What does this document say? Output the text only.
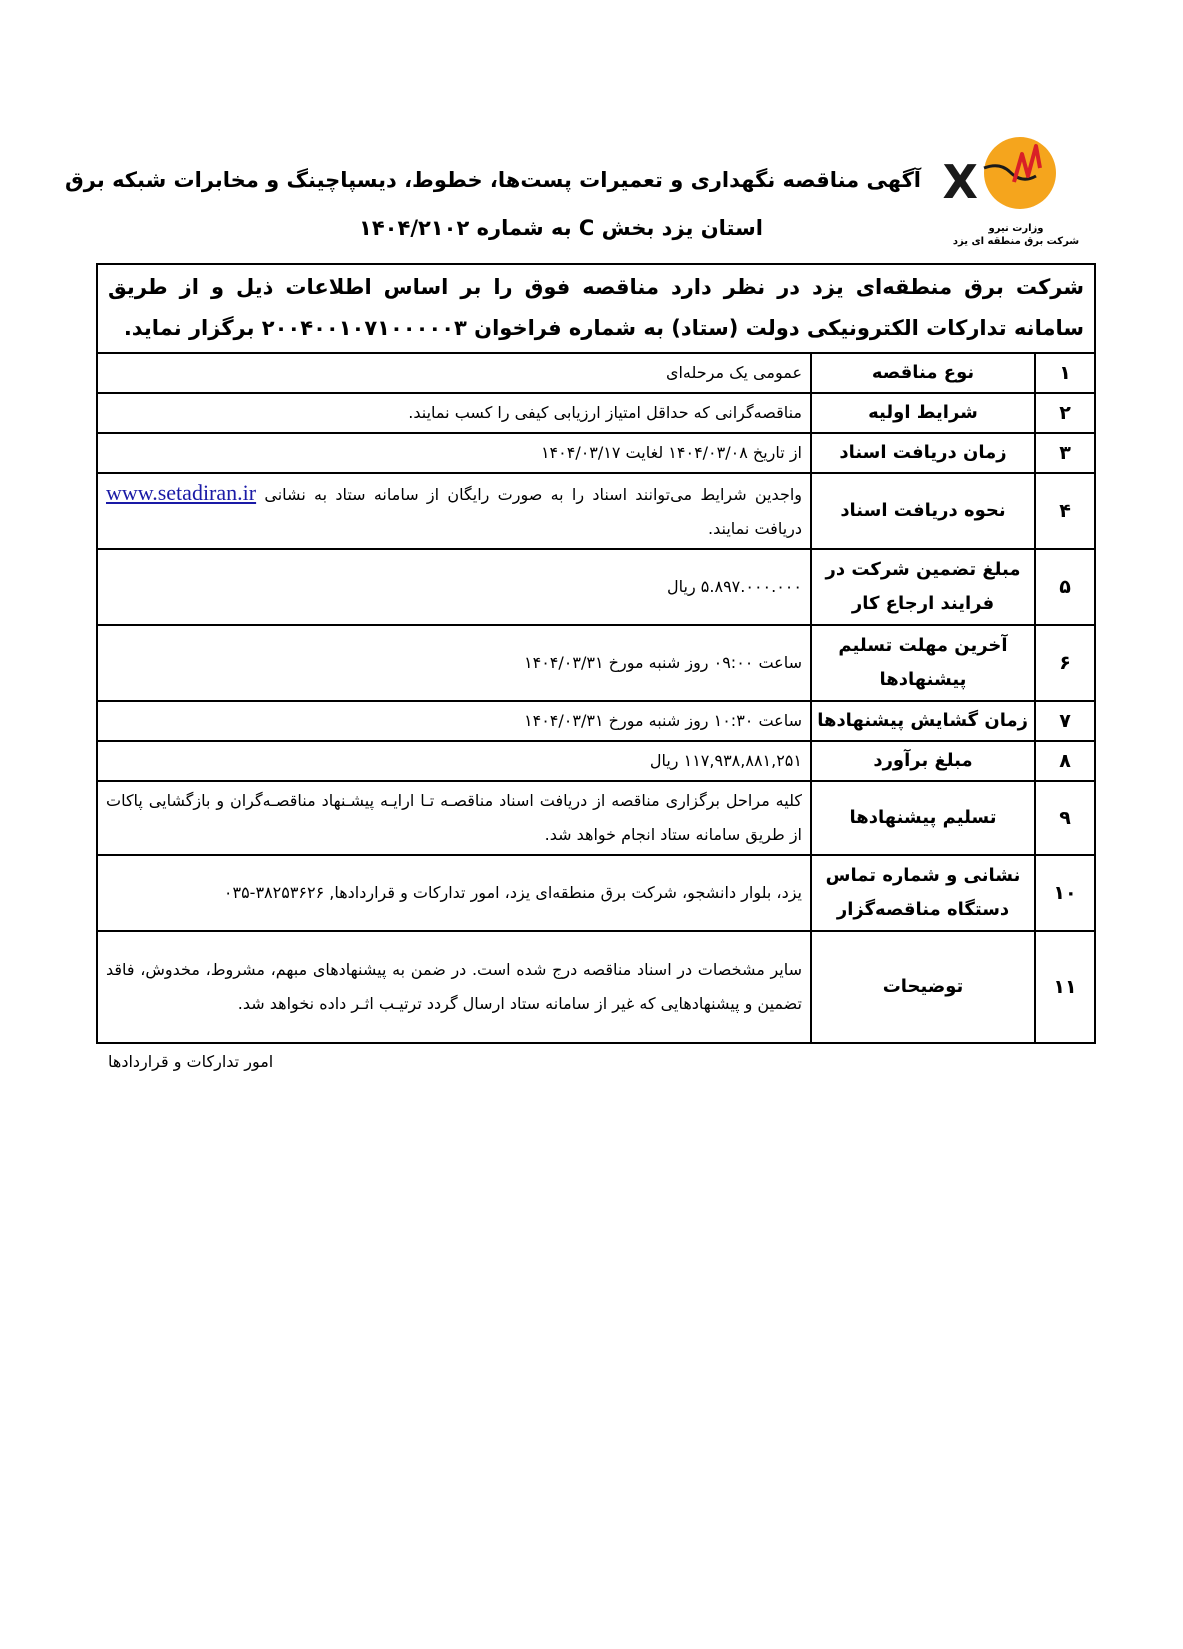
X
وزارت نیرو
شرکت برق منطقه ای یزد
آگهی مناقصه نگهداری و تعمیرات پست‌ها، خطوط، دیسپاچینگ و مخابرات شبکه برق
استان یزد بخش C به شماره ۱۴۰۴/۲۱۰۲
شرکت برق منطقه‌ای یزد در نظر دارد مناقصه فوق را بر اساس اطلاعات ذیل و از طریق سامانه تدارکات الکترونیکی دولت (ستاد) به شماره فراخوان ۲۰۰۴۰۰۱۰۷۱۰۰۰۰۰۳ برگزار نماید.		
۱	نوع مناقصه	عمومی یک مرحله‌ای
۲	شرایط اولیه	مناقصه‌گرانی که حداقل امتیاز ارزیابی کیفی را کسب نمایند.
۳	زمان دریافت اسناد	از تاریخ ۱۴۰۴/۰۳/۰۸ لغایت ۱۴۰۴/۰۳/۱۷
۴	نحوه دریافت اسناد	واجدین شرایط می‌توانند اسناد را به صورت رایگان از سامانه ستاد به نشانی www.setadiran.ir دریافت نمایند.
۵	مبلغ تضمین شرکت در فرایند ارجاع کار	۵.۸۹۷.۰۰۰.۰۰۰ ریال
۶	آخرین مهلت تسلیم پیشنهادها	ساعت ۰۹:۰۰ روز شنبه مورخ ۱۴۰۴/۰۳/۳۱
۷	زمان گشایش پیشنهادها	ساعت ۱۰:۳۰ روز شنبه مورخ ۱۴۰۴/۰۳/۳۱
۸	مبلغ برآورد	۱۱۷,۹۳۸,۸۸۱,۲۵۱ ریال
۹	تسلیم پیشنهادها	کلیه مراحل برگزاری مناقصه از دریافت اسناد مناقصـه تـا ارایـه پیشـنهاد مناقصـه‌گران و بازگشایی پاکات از طریق سامانه ستاد انجام خواهد شد.
۱۰	نشانی و شماره تماس دستگاه مناقصه‌گزار	یزد، بلوار دانشجو، شرکت برق منطقه‌ای یزد، امور تدارکات و قراردادها, ۳۸۲۵۳۶۲۶-۰۳۵
۱۱	توضیحات	سایر مشخصات در اسناد مناقصه درج شده است. در ضمن به پیشنهادهای مبهم، مشروط، مخدوش، فاقد تضمین و پیشنهادهایی که غیر از سامانه ستاد ارسال گردد ترتیـب اثـر داده نخواهد شد.
امور تدارکات و قراردادها
